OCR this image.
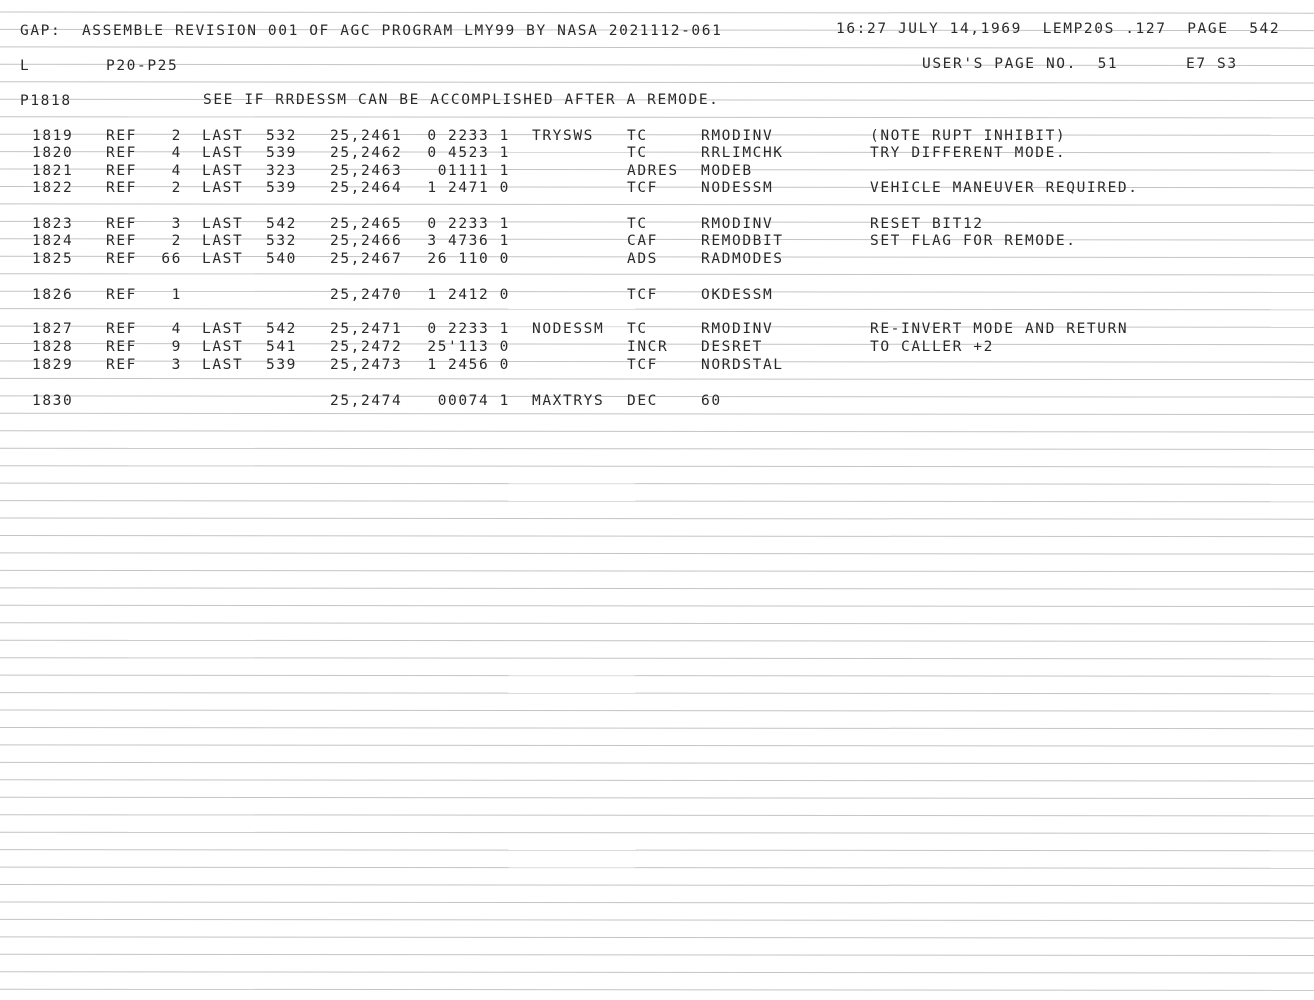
GAP:  ASSEMBLE REVISION 001 OF AGC PROGRAM LMY99 BY NASA 2021112-061	16:27 JULY 14,1969  LEMP20S .127  PAGE  542
L	P20-P25	USER'S PAGE NO.  51	E7 S3
P1818	SEE IF RRDESSM CAN BE ACCOMPLISHED AFTER A REMODE.
1819 REF	2 LAST 532 25,2461	0 2233 1 TRYSWS TC	RMODINV	(NOTE RUPT INHIBIT)
1820 REF	4 LAST 539 25,2462	0 4523 1	TC	RRLIMCHK	TRY DIFFERENT MODE.
1821 REF	4 LAST 323 25,2463	01111 1	ADRES MODEB
1822 REF	2 LAST 539 25,2464	1 2471 0	TCF	NODESSM	VEHICLE MANEUVER REQUIRED.
1823 REF	3 LAST 542 25,2465	0 2233 1	TC	RMODINV	RESET BIT12
1824 REF	2 LAST 532 25,2466	3 4736 1	CAF	REMODBIT	SET FLAG FOR REMODE.
1825 REF	66 LAST 540 25,2467	26 110 0	ADS	RADMODES
1826 REF	1	25,2470	1 2412 0	TCF	OKDESSM
1827 REF	4 LAST 542 25,2471	0 2233 1 NODESSM TC	RMODINV	RE-INVERT MODE AND RETURN
1828 REF	9 LAST 541 25,2472	25'113 0	INCR DESRET	TO CALLER +2
1829 REF	3 LAST 539 25,2473	1 2456 0	TCF	NORDSTAL
1830	25,2474	00074 1 MAXTRYS DEC	60
